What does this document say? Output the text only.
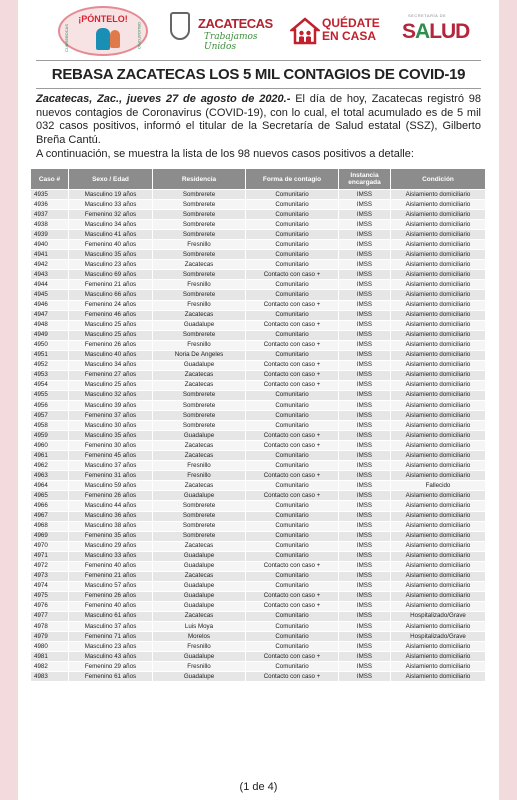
¡PÓNTELO!
CUBREBOCAS	OBLIGATORIO	ZACATECAS
Trabajamos Unidos
QUÉDATE
EN CASA
SECRETARÍA DE
SALUD
REBASA ZACATECAS LOS 5 MIL CONTAGIOS DE COVID-19

Zacatecas, Zac., jueves 27 de agosto de 2020.- El día de hoy, Zacatecas registró 98 nuevos contagios de Coronavirus (COVID-19), con lo cual, el total acumulado es de 5 mil 032 casos positivos, informó el titular de la Secretaría de Salud estatal (SSZ), Gilberto Breña Cantú.

A continuación, se muestra la lista de los 98 nuevos casos positivos a detalle:
Caso #	Sexo / Edad	Residencia	Forma de contagio	Instancia encargada	Condición
4935	Masculino 19 años	Sombrerete	Comunitario	IMSS	Aislamiento domiciliario
4936	Masculino 33 años	Sombrerete	Comunitario	IMSS	Aislamiento domiciliario
4937	Femenino 32 años	Sombrerete	Comunitario	IMSS	Aislamiento domiciliario
4938	Masculino 34 años	Sombrerete	Comunitario	IMSS	Aislamiento domiciliario
4939	Masculino 41 años	Sombrerete	Comunitario	IMSS	Aislamiento domiciliario
4940	Femenino 40 años	Fresnillo	Comunitario	IMSS	Aislamiento domiciliario
4941	Masculino 35 años	Sombrerete	Comunitario	IMSS	Aislamiento domiciliario
4942	Masculino 23 años	Zacatecas	Comunitario	IMSS	Aislamiento domiciliario
4943	Masculino 69 años	Sombrerete	Contacto con caso +	IMSS	Aislamiento domiciliario
4944	Femenino 21 años	Fresnillo	Comunitario	IMSS	Aislamiento domiciliario
4945	Masculino 66 años	Sombrerete	Comunitario	IMSS	Aislamiento domiciliario
4946	Femenino 24 años	Fresnillo	Contacto con caso +	IMSS	Aislamiento domiciliario
4947	Femenino 46 años	Zacatecas	Comunitario	IMSS	Aislamiento domiciliario
4948	Masculino 25 años	Guadalupe	Contacto con caso +	IMSS	Aislamiento domiciliario
4949	Masculino 25 años	Sombrerete	Comunitario	IMSS	Aislamiento domiciliario
4950	Femenino 26 años	Fresnillo	Contacto con caso +	IMSS	Aislamiento domiciliario
4951	Masculino 40 años	Noria De Ángeles	Comunitario	IMSS	Aislamiento domiciliario
4952	Masculino 34 años	Guadalupe	Contacto con caso +	IMSS	Aislamiento domiciliario
4953	Femenino 27 años	Zacatecas	Contacto con caso +	IMSS	Aislamiento domiciliario
4954	Masculino 25 años	Zacatecas	Contacto con caso +	IMSS	Aislamiento domiciliario
4955	Masculino 32 años	Sombrerete	Comunitario	IMSS	Aislamiento domiciliario
4956	Masculino 39 años	Sombrerete	Comunitario	IMSS	Aislamiento domiciliario
4957	Femenino 37 años	Sombrerete	Comunitario	IMSS	Aislamiento domiciliario
4958	Masculino 30 años	Sombrerete	Comunitario	IMSS	Aislamiento domiciliario
4959	Masculino 35 años	Guadalupe	Contacto con caso +	IMSS	Aislamiento domiciliario
4960	Femenino 30 años	Zacatecas	Contacto con caso +	IMSS	Aislamiento domiciliario
4961	Femenino 45 años	Zacatecas	Comunitario	IMSS	Aislamiento domiciliario
4962	Masculino 37 años	Fresnillo	Comunitario	IMSS	Aislamiento domiciliario
4963	Femenino 31 años	Fresnillo	Contacto con caso +	IMSS	Aislamiento domiciliario
4964	Masculino 59 años	Zacatecas	Comunitario	IMSS	Fallecido
4965	Femenino 26 años	Guadalupe	Contacto con caso +	IMSS	Aislamiento domiciliario
4966	Masculino 44 años	Sombrerete	Comunitario	IMSS	Aislamiento domiciliario
4967	Masculino 36 años	Sombrerete	Comunitario	IMSS	Aislamiento domiciliario
4968	Masculino 38 años	Sombrerete	Comunitario	IMSS	Aislamiento domiciliario
4969	Femenino 35 años	Sombrerete	Comunitario	IMSS	Aislamiento domiciliario
4970	Masculino 29 años	Zacatecas	Comunitario	IMSS	Aislamiento domiciliario
4971	Masculino 33 años	Guadalupe	Comunitario	IMSS	Aislamiento domiciliario
4972	Femenino 40 años	Guadalupe	Contacto con caso +	IMSS	Aislamiento domiciliario
4973	Femenino 21 años	Zacatecas	Comunitario	IMSS	Aislamiento domiciliario
4974	Masculino 57 años	Guadalupe	Comunitario	IMSS	Aislamiento domiciliario
4975	Femenino 26 años	Guadalupe	Contacto con caso +	IMSS	Aislamiento domiciliario
4976	Femenino 40 años	Guadalupe	Contacto con caso +	IMSS	Aislamiento domiciliario
4977	Masculino 61 años	Zacatecas	Comunitario	IMSS	Hospitalizado/Grave
4978	Masculino 37 años	Luis Moya	Comunitario	IMSS	Aislamiento domiciliario
4979	Femenino 71 años	Morelos	Comunitario	IMSS	Hospitalizado/Grave
4980	Masculino 23 años	Fresnillo	Comunitario	IMSS	Aislamiento domiciliario
4981	Masculino 43 años	Guadalupe	Contacto con caso +	IMSS	Aislamiento domiciliario
4982	Femenino 29 años	Fresnillo	Comunitario	IMSS	Aislamiento domiciliario
4983	Femenino 61 años	Guadalupe	Contacto con caso +	IMSS	Aislamiento domiciliario
(1 de 4)
